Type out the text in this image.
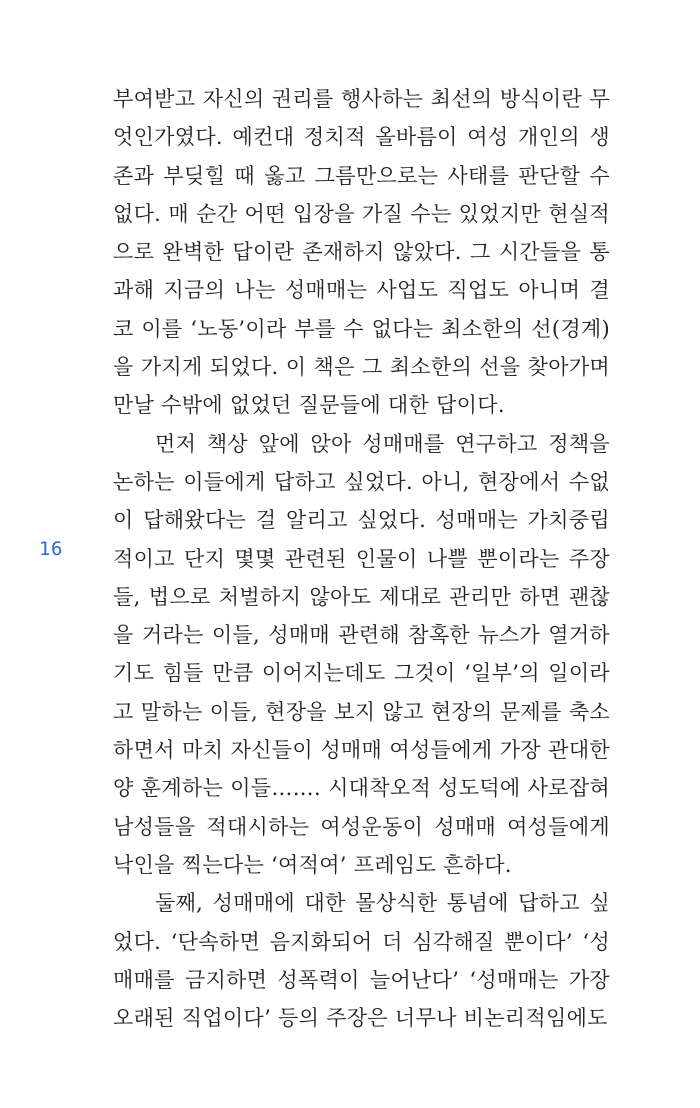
16

부여받고 자신의 권리를 행사하는 최선의 방식이란 무엇인가였다. 예컨대 정치적 올바름이 여성 개인의 생존과 부딪힐 때 옳고 그름만으로는 사태를 판단할 수 없다. 매 순간 어떤 입장을 가질 수는 있었지만 현실적으로 완벽한 답이란 존재하지 않았다. 그 시간들을 통과해 지금의 나는 성매매는 사업도 직업도 아니며 결코 이를 ‘노동’이라 부를 수 없다는 최소한의 선(경계)을 가지게 되었다. 이 책은 그 최소한의 선을 찾아가며 만날 수밖에 없었던 질문들에 대한 답이다.

먼저 책상 앞에 앉아 성매매를 연구하고 정책을 논하는 이들에게 답하고 싶었다. 아니, 현장에서 수없이 답해왔다는 걸 알리고 싶었다. 성매매는 가치중립적이고 단지 몇몇 관련된 인물이 나쁠 뿐이라는 주장들, 법으로 처벌하지 않아도 제대로 관리만 하면 괜찮을 거라는 이들, 성매매 관련해 참혹한 뉴스가 열거하기도 힘들 만큼 이어지는데도 그것이 ‘일부’의 일이라고 말하는 이들, 현장을 보지 않고 현장의 문제를 축소하면서 마치 자신들이 성매매 여성들에게 가장 관대한 양 훈계하는 이들……. 시대착오적 성도덕에 사로잡혀 남성들을 적대시하는 여성운동이 성매매 여성들에게 낙인을 찍는다는 ‘여적여’ 프레임도 흔하다.

둘째, 성매매에 대한 몰상식한 통념에 답하고 싶었다. ‘단속하면 음지화되어 더 심각해질 뿐이다’ ‘성매매를 금지하면 성폭력이 늘어난다’ ‘성매매는 가장 오래된 직업이다’ 등의 주장은 너무나 비논리적임에도
